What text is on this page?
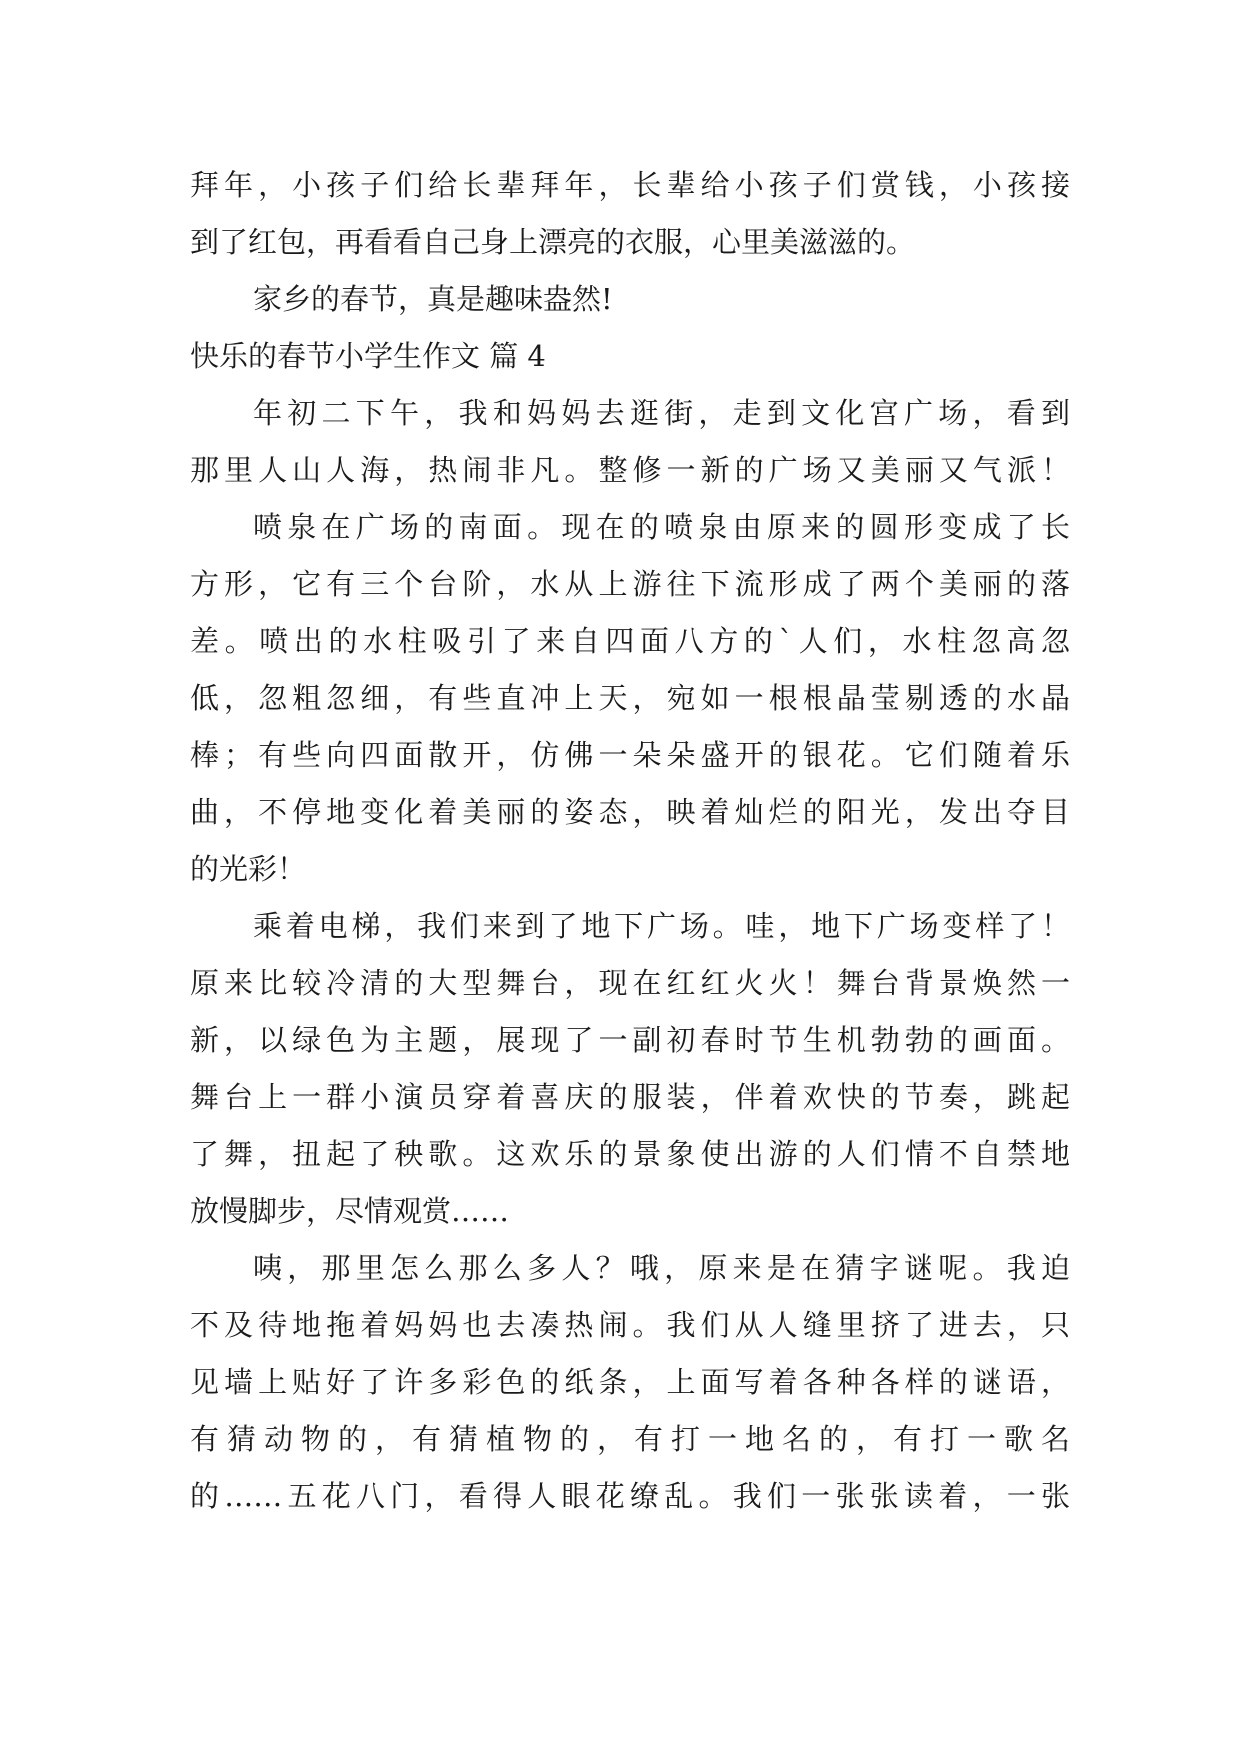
拜年，小孩子们给长辈拜年，长辈给小孩子们赏钱，小孩接
到了红包，再看看自己身上漂亮的衣服，心里美滋滋的。
家乡的春节，真是趣味盎然!
快乐的春节小学生作文 篇 4
年初二下午，我和妈妈去逛街，走到文化宫广场，看到
那里人山人海，热闹非凡。整修一新的广场又美丽又气派！
喷泉在广场的南面。现在的喷泉由原来的圆形变成了长
方形，它有三个台阶，水从上游往下流形成了两个美丽的落
差。喷出的水柱吸引了来自四面八方的`人们，水柱忽高忽
低，忽粗忽细，有些直冲上天，宛如一根根晶莹剔透的水晶
棒；有些向四面散开，仿佛一朵朵盛开的银花。它们随着乐
曲，不停地变化着美丽的姿态，映着灿烂的阳光，发出夺目
的光彩！
乘着电梯，我们来到了地下广场。哇，地下广场变样了！
原来比较冷清的大型舞台，现在红红火火！舞台背景焕然一
新，以绿色为主题，展现了一副初春时节生机勃勃的画面。
舞台上一群小演员穿着喜庆的服装，伴着欢快的节奏，跳起
了舞，扭起了秧歌。这欢乐的景象使出游的人们情不自禁地
放慢脚步，尽情观赏……
咦，那里怎么那么多人？哦，原来是在猜字谜呢。我迫
不及待地拖着妈妈也去凑热闹。我们从人缝里挤了进去，只
见墙上贴好了许多彩色的纸条，上面写着各种各样的谜语，
有猜动物的，有猜植物的，有打一地名的，有打一歌名
的……五花八门，看得人眼花缭乱。我们一张张读着，一张
